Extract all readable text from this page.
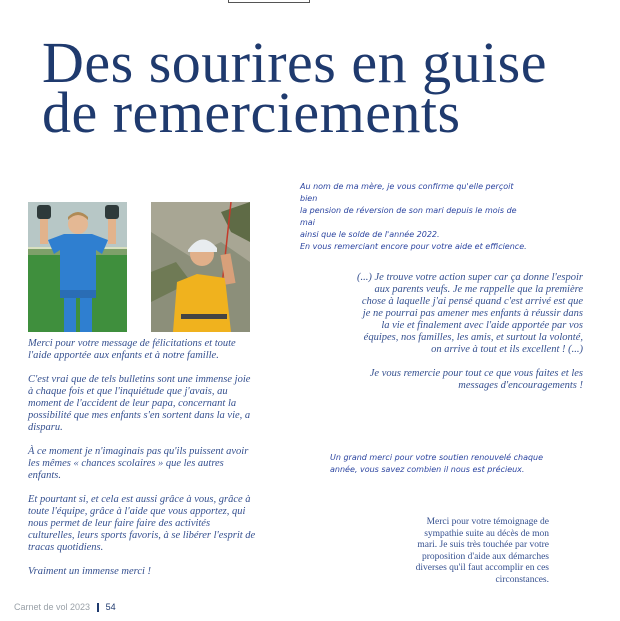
Des sourires en guise
de remerciements
Au nom de ma mère, je vous confirme qu'elle perçoit bien
la pension de réversion de son mari depuis le mois de mai
ainsi que le solde de l'année 2022.
En vous remerciant encore pour votre aide et efficience.

(...) Je trouve votre action super car ça donne l'espoir aux parents veufs. Je me rappelle que la première chose à laquelle j'ai pensé quand c'est arrivé est que je ne pourrai pas amener mes enfants à réussir dans la vie et finalement avec l'aide apportée par vos équipes, nos familles, les amis, et surtout la volonté, on arrive à tout et ils excellent ! (...)

Je vous remercie pour tout ce que vous faites et les messages d'encouragements !

Merci pour votre message de félicitations et toute l'aide apportée aux enfants et à notre famille.

C'est vrai que de tels bulletins sont une immense joie à chaque fois et que l'inquiétude que j'avais, au moment de l'accident de leur papa, concernant la possibilité que mes enfants s'en sortent dans la vie, a disparu.

À ce moment je n'imaginais pas qu'ils puissent avoir les mêmes « chances scolaires » que les autres enfants.

Et pourtant si, et cela est aussi grâce à vous, grâce à toute l'équipe, grâce à l'aide que vous apportez, qui nous permet de leur faire faire des activités culturelles, leurs sports favoris, à se libérer l'esprit de tracas quotidiens.

Vraiment un immense merci !

Un grand merci pour votre soutien renouvelé chaque
année, vous savez combien il nous est précieux.
Merci pour votre témoignage de sympathie suite au décès de mon mari. Je suis très touchée par votre proposition d'aide aux démarches diverses qu'il faut accomplir en ces circonstances.
Carnet de vol 2023 54
